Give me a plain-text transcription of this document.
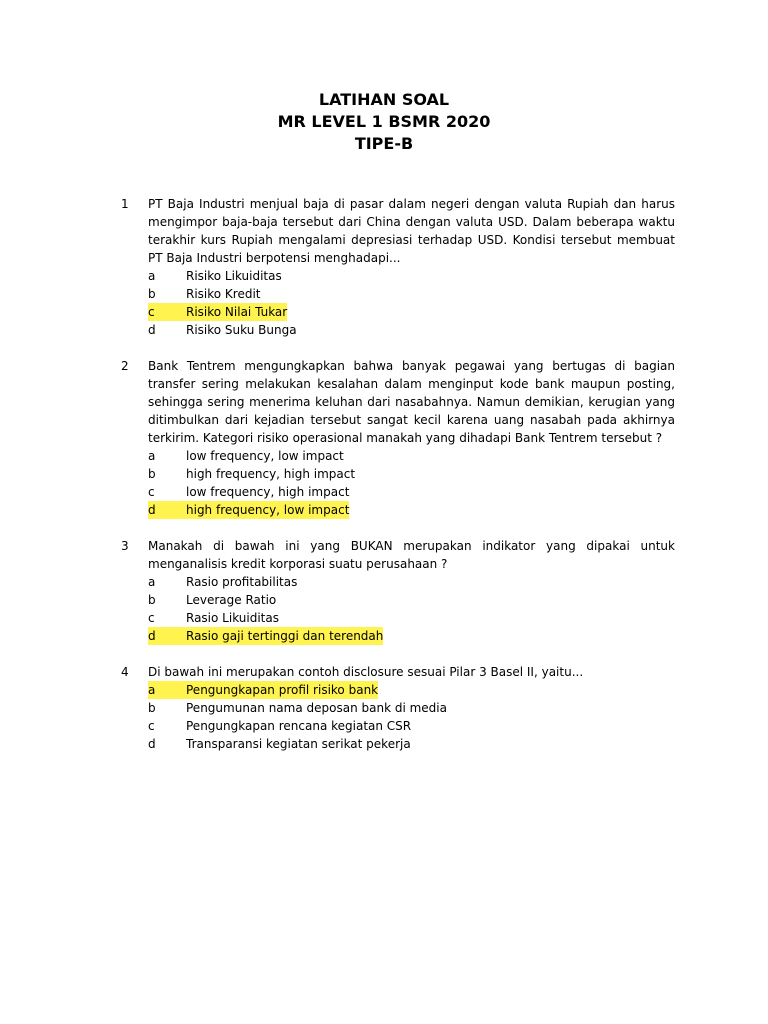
LATIHAN SOAL
MR LEVEL 1 BSMR 2020
TIPE-B
1	PT Baja Industri menjual baja di pasar dalam negeri dengan valuta Rupiah dan harus mengimpor baja-baja tersebut dari China dengan valuta USD. Dalam beberapa waktu terakhir kurs Rupiah mengalami depresiasi terhadap USD. Kondisi tersebut membuat PT Baja Industri berpotensi menghadapi...
a	Risiko Likuiditas
b	Risiko Kredit
c	Risiko Nilai Tukar
d	Risiko Suku Bunga
2	Bank Tentrem mengungkapkan bahwa banyak pegawai yang bertugas di bagian transfer sering melakukan kesalahan dalam menginput kode bank maupun posting, sehingga sering menerima keluhan dari nasabahnya. Namun demikian, kerugian yang ditimbulkan dari kejadian tersebut sangat kecil karena uang nasabah pada akhirnya terkirim. Kategori risiko operasional manakah yang dihadapi Bank Tentrem tersebut ?
a	low frequency, low impact
b	high frequency, high impact
c	low frequency, high impact
d	high frequency, low impact
3	Manakah di bawah ini yang BUKAN merupakan indikator yang dipakai untuk menganalisis kredit korporasi suatu perusahaan ?
a	Rasio profitabilitas
b	Leverage Ratio
c	Rasio Likuiditas
d	Rasio gaji tertinggi dan terendah
4	Di bawah ini merupakan contoh disclosure sesuai Pilar 3 Basel II, yaitu...
a	Pengungkapan profil risiko bank
b	Pengumunan nama deposan bank di media
c	Pengungkapan rencana kegiatan CSR
d	Transparansi kegiatan serikat pekerja
